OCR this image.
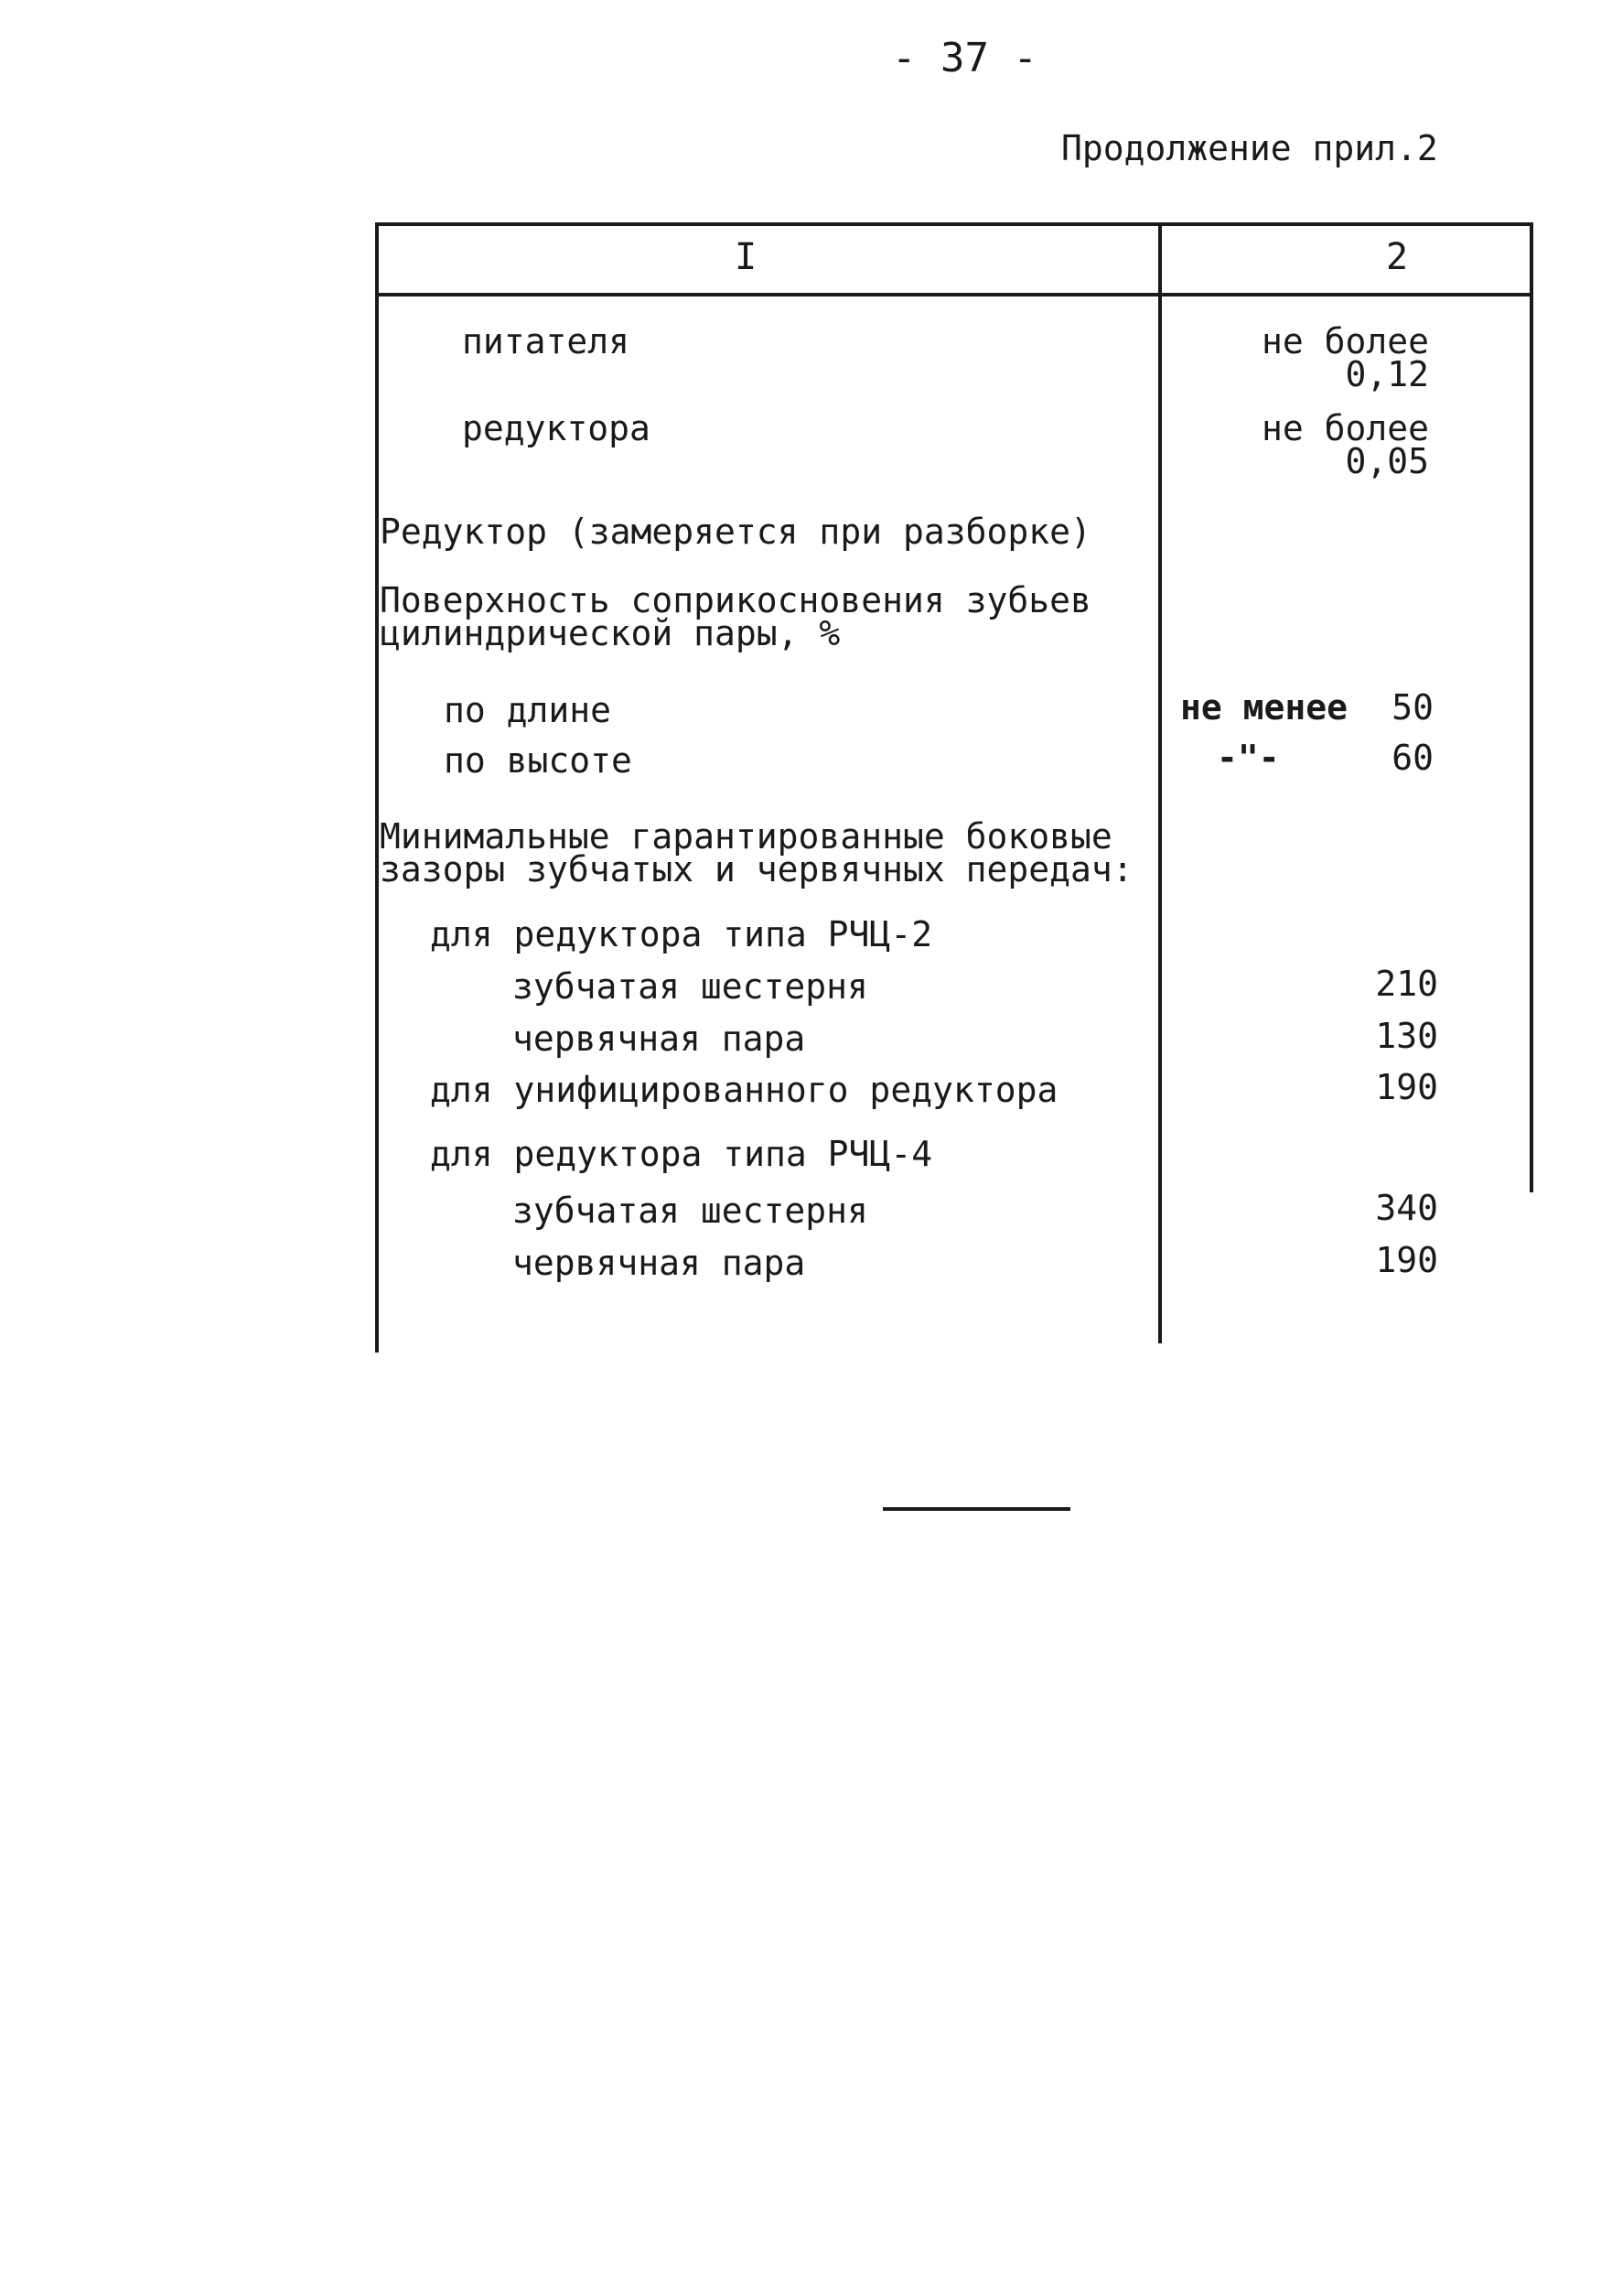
- 37 -
Продолжение прил.2
I	2
питателя	не более
0,12
редуктора	не более
0,05
Редуктор (замеряется при разборке)
Поверхность соприкосновения зубьев
цилиндрической пары, %
по длине	не менее 50
по высоте	-"-	60
Минимальные гарантированные боковые
зазоры зубчатых и червячных передач:
для редуктора типа РЧЦ-2
зубчатая шестерня	210
червячная пара	130
для унифицированного редуктора	190
для редуктора типа РЧЦ-4
зубчатая шестерня	340
червячная пара	190
